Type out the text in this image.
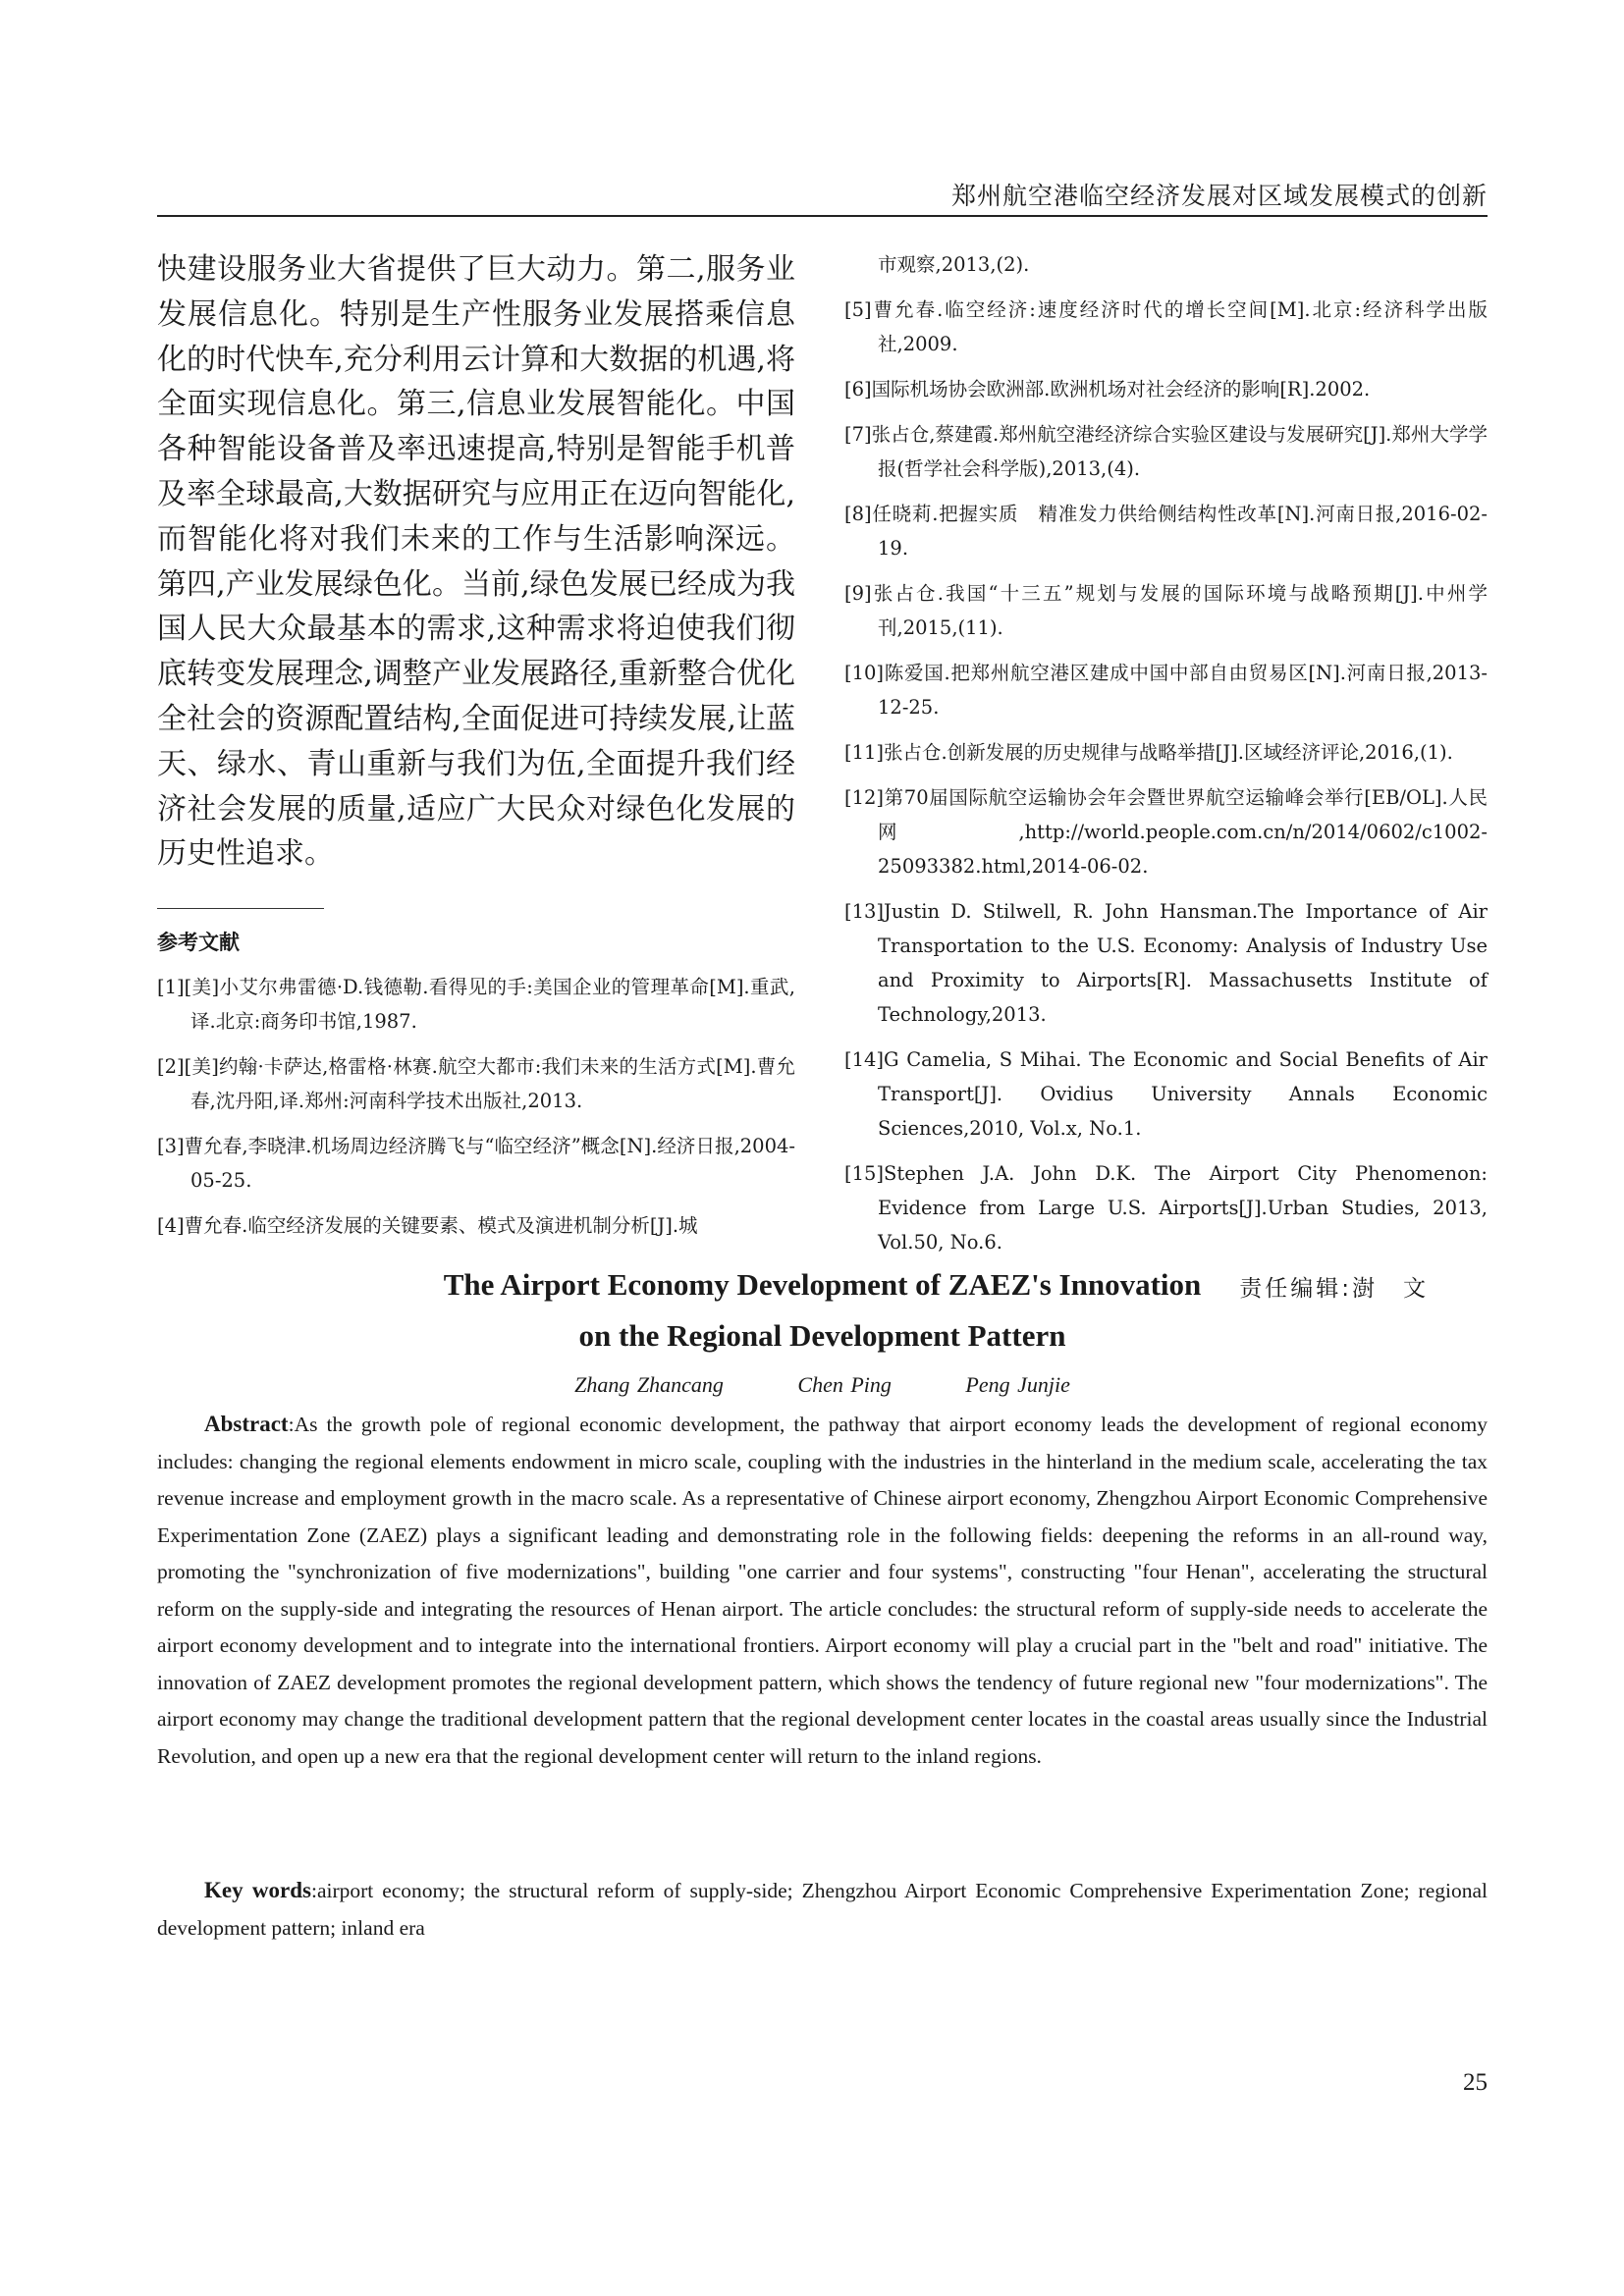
郑州航空港临空经济发展对区域发展模式的创新

快建设服务业大省提供了巨大动力。第二,服务业发展信息化。特别是生产性服务业发展搭乘信息化的时代快车,充分利用云计算和大数据的机遇,将全面实现信息化。第三,信息业发展智能化。中国各种智能设备普及率迅速提高,特别是智能手机普及率全球最高,大数据研究与应用正在迈向智能化,而智能化将对我们未来的工作与生活影响深远。第四,产业发展绿色化。当前,绿色发展已经成为我国人民大众最基本的需求,这种需求将迫使我们彻底转变发展理念,调整产业发展路径,重新整合优化全社会的资源配置结构,全面促进可持续发展,让蓝天、绿水、青山重新与我们为伍,全面提升我们经济社会发展的质量,适应广大民众对绿色化发展的历史性追求。

参考文献

[1][美]小艾尔弗雷德·D.钱德勒.看得见的手:美国企业的管理革命[M].重武,译.北京:商务印书馆,1987.

[2][美]约翰·卡萨达,格雷格·林赛.航空大都市:我们未来的生活方式[M].曹允春,沈丹阳,译.郑州:河南科学技术出版社,2013.

[3]曹允春,李晓津.机场周边经济腾飞与“临空经济”概念[N].经济日报,2004-05-25.

[4]曹允春.临空经济发展的关键要素、模式及演进机制分析[J].城

市观察,2013,(2).

[5]曹允春.临空经济:速度经济时代的增长空间[M].北京:经济科学出版社,2009.

[6]国际机场协会欧洲部.欧洲机场对社会经济的影响[R].2002.

[7]张占仓,蔡建霞.郑州航空港经济综合实验区建设与发展研究[J].郑州大学学报(哲学社会科学版),2013,(4).

[8]任晓莉.把握实质　精准发力供给侧结构性改革[N].河南日报,2016-02-19.

[9]张占仓.我国“十三五”规划与发展的国际环境与战略预期[J].中州学刊,2015,(11).

[10]陈爱国.把郑州航空港区建成中国中部自由贸易区[N].河南日报,2013-12-25.

[11]张占仓.创新发展的历史规律与战略举措[J].区域经济评论,2016,(1).

[12]第70届国际航空运输协会年会暨世界航空运输峰会举行[EB/OL].人民网,http://world.people.com.cn/n/2014/0602/c1002-25093382.html,2014-06-02.

[13]Justin D. Stilwell, R. John Hansman.The Importance of Air Transportation to the U.S. Economy: Analysis of Industry Use and Proximity to Airports[R]. Massachusetts Institute of Technology,2013.

[14]G Camelia, S Mihai. The Economic and Social Benefits of Air Transport[J]. Ovidius University Annals Economic Sciences,2010, Vol.x, No.1.

[15]Stephen J.A. John D.K. The Airport City Phenomenon: Evidence from Large U.S. Airports[J].Urban Studies, 2013, Vol.50, No.6.

责任编辑:澍　文
The Airport Economy Development of ZAEZ's Innovation
on the Regional Development Pattern
Zhang Zhancang	Chen Ping	Peng Junjie

Abstract:As the growth pole of regional economic development, the pathway that airport economy leads the development of regional economy includes: changing the regional elements endowment in micro scale, coupling with the industries in the hinterland in the medium scale, accelerating the tax revenue increase and employment growth in the macro scale. As a representative of Chinese airport economy, Zhengzhou Airport Economic Comprehensive Experimentation Zone (ZAEZ) plays a significant leading and demonstrating role in the following fields: deepening the reforms in an all-round way, promoting the "synchronization of five modernizations", building "one carrier and four systems", constructing "four Henan", accelerating the structural reform on the supply-side and integrating the resources of Henan airport. The article concludes: the structural reform of supply-side needs to accelerate the airport economy development and to integrate into the international frontiers. Airport economy will play a crucial part in the "belt and road" initiative. The innovation of ZAEZ development promotes the regional development pattern, which shows the tendency of future regional new "four modernizations". The airport economy may change the traditional development pattern that the regional development center locates in the coastal areas usually since the Industrial Revolution, and open up a new era that the regional development center will return to the inland regions.

Key words:airport economy; the structural reform of supply-side; Zhengzhou Airport Economic Comprehensive Experimentation Zone; regional development pattern; inland era

25
